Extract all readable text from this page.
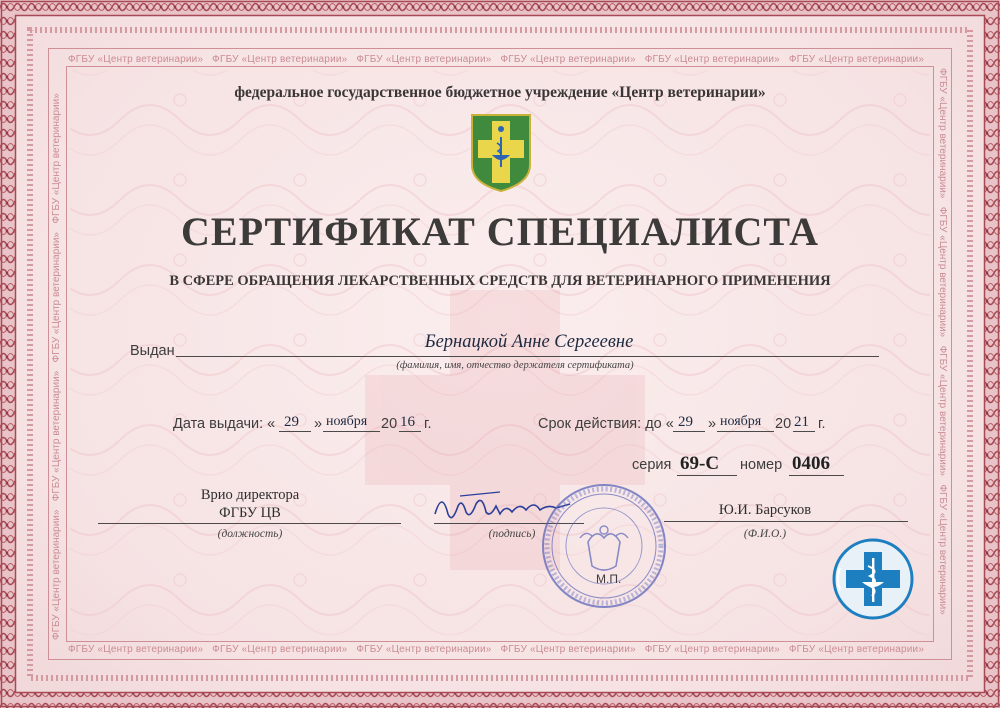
ФГБУ «Центр ветеринарии» ФГБУ «Центр ветеринарии» ФГБУ «Центр ветеринарии» ФГБУ «Центр ветеринарии» ФГБУ «Центр ветеринарии» ФГБУ «Центр ветеринарии»
ФГБУ «Центр ветеринарии» ФГБУ «Центр ветеринарии» ФГБУ «Центр ветеринарии» ФГБУ «Центр ветеринарии» ФГБУ «Центр ветеринарии» ФГБУ «Центр ветеринарии»
ФГБУ «Центр ветеринарии»   ФГБУ «Центр ветеринарии»   ФГБУ «Центр ветеринарии»   ФГБУ «Центр ветеринарии»	ФГБУ «Центр ветеринарии»   ФГБУ «Центр ветеринарии»   ФГБУ «Центр ветеринарии»   ФГБУ «Центр ветеринарии»
федеральное государственное бюджетное учреждение «Центр ветеринарии»
СЕРТИФИКАТ СПЕЦИАЛИСТА
В СФЕРЕ ОБРАЩЕНИЯ ЛЕКАРСТВЕННЫХ СРЕДСТВ ДЛЯ ВЕТЕРИНАРНОГО ПРИМЕНЕНИЯ
Выдан	Бернацкой Анне Сергеевне
(фамилия, имя, отчество держателя сертификата)
Дата выдачи: « 29 » ноября 20 16 г.	Срок действия: до « 29 » ноября 20 21 г.
серия 69-С номер 0406
Врио директора
ФГБУ ЦВ
(должность)	(подпись)
М.П.
Ю.И. Барсуков
(Ф.И.О.)
